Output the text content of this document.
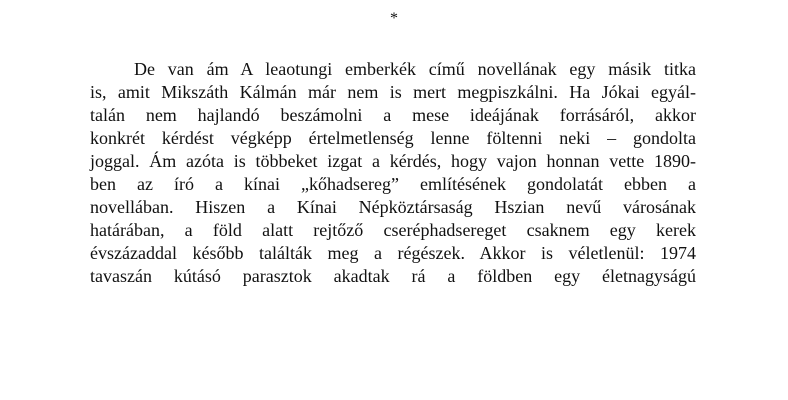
*
De van ám A leaotungi emberkék című novellának egy másik titka
is, amit Mikszáth Kálmán már nem is mert megpiszkálni. Ha Jókai egyál-
talán nem hajlandó beszámolni a mese ideájának forrásáról, akkor
konkrét kérdést végképp értelmetlenség lenne föltenni neki – gondolta
joggal. Ám azóta is többeket izgat a kérdés, hogy vajon honnan vette 1890-
ben az író a kínai „kőhadsereg” említésének gondolatát ebben a
novellában. Hiszen a Kínai Népköztársaság Hszian nevű városának
határában, a föld alatt rejtőző cseréphadsereget csaknem egy kerek
évszázaddal később találták meg a régészek. Akkor is véletlenül: 1974
tavaszán kútásó parasztok akadtak rá a földben egy életnagyságú
